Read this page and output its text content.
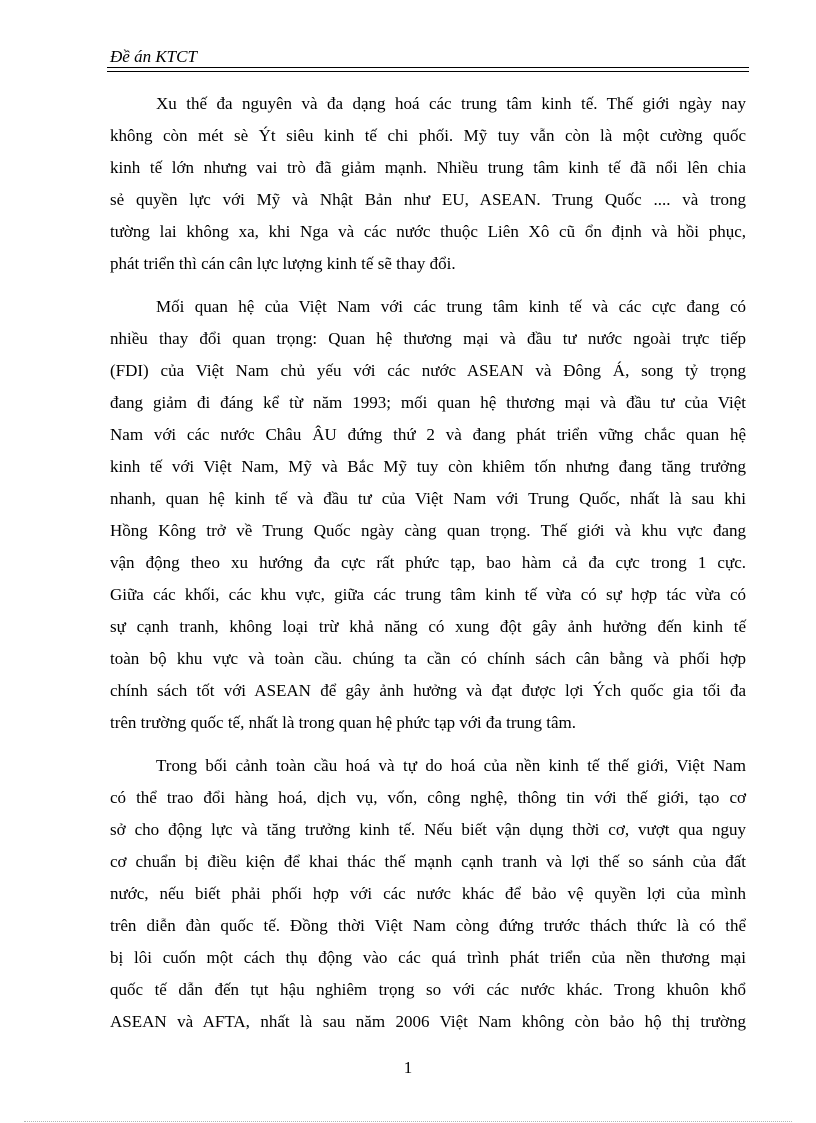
Đề án KTCT
Xu thế đa nguyên và đa dạng hoá các trung tâm kinh tế. Thế giới ngày nay
không còn mét sè Ýt siêu kinh tế chi phối. Mỹ tuy vẫn còn là một cường quốc
kinh tế lớn nhưng vai trò đã giảm mạnh. Nhiều trung tâm kinh tế đã nổi lên chia
sẻ quyền lực với Mỹ và Nhật Bản như EU, ASEAN. Trung Quốc .... và trong
tường lai không xa, khi Nga và các nước thuộc Liên Xô cũ ổn định và hồi phục,
phát triển thì cán cân lực lượng kinh tế sẽ thay đổi.
Mối quan hệ của Việt Nam với các trung tâm kinh tế và các cực đang có
nhiều thay đổi quan trọng: Quan hệ thương mại và đầu tư nước ngoài trực tiếp
(FDI) của Việt Nam chủ yếu với các nước ASEAN và Đông Á, song tỷ trọng
đang giảm đi đáng kể từ năm 1993; mối quan hệ thương mại và đầu tư của Việt
Nam với các nước Châu ÂU đứng thứ 2 và đang phát triển vững chắc quan hệ
kinh tế với Việt Nam, Mỹ và Bắc Mỹ tuy còn khiêm tốn nhưng đang tăng trưởng
nhanh, quan hệ kinh tế và đầu tư của Việt Nam với Trung Quốc, nhất là sau khi
Hồng Kông trở về Trung Quốc ngày càng quan trọng. Thế giới và khu vực đang
vận động theo xu hướng đa cực rất phức tạp, bao hàm cả đa cực trong 1 cực.
Giữa các khối, các khu vực, giữa các trung tâm kinh tế vừa có sự hợp tác vừa có
sự cạnh tranh, không loại trừ khả năng có xung đột gây ảnh hưởng đến kinh tế
toàn bộ khu vực và toàn cầu. chúng ta cần có chính sách cân bằng và phối hợp
chính sách tốt với ASEAN để gây ảnh hưởng và đạt được lợi Ých quốc gia tối đa
trên trường quốc tế, nhất là trong quan hệ phức tạp với đa trung tâm.
Trong bối cảnh toàn cầu hoá và tự do hoá của nền kinh tế thế giới, Việt Nam
có thể trao đổi hàng hoá, dịch vụ, vốn, công nghệ, thông tin với thế giới, tạo cơ
sở cho động lực và tăng trưởng kinh tế. Nếu biết vận dụng thời cơ, vượt qua nguy
cơ chuẩn bị điều kiện để khai thác thế mạnh cạnh tranh và lợi thế so sánh của đất
nước, nếu biết phải phối hợp với các nước khác để bảo vệ quyền lợi của mình
trên diễn đàn quốc tế. Đồng thời Việt Nam còng đứng trước thách thức là có thể
bị lôi cuốn một cách thụ động vào các quá trình phát triển của nền thương mại
quốc tế dẫn đến tụt hậu nghiêm trọng so với các nước khác. Trong khuôn khổ
ASEAN và AFTA, nhất là sau năm 2006 Việt Nam không còn bảo hộ thị trường
1
